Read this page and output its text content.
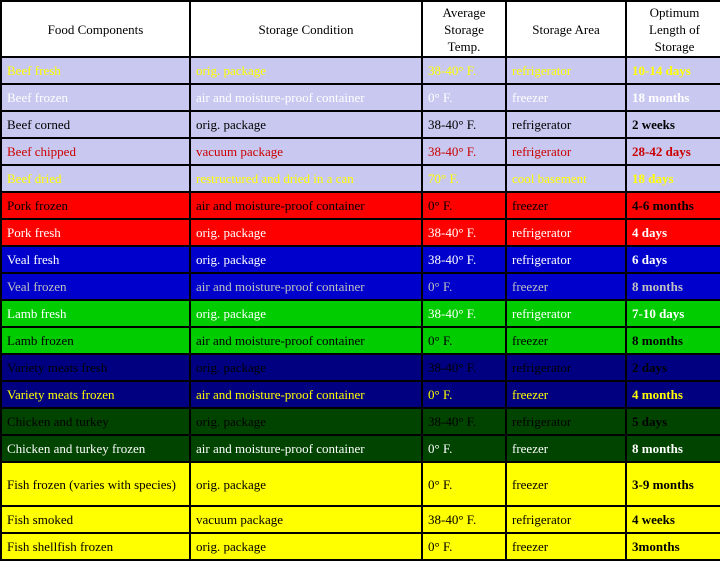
Food Components	Storage Condition	Average Storage Temp.	Storage Area	Optimum Length of Storage
Beef fresh	orig. package	38-40° F.	refrigerator	10-14 days
Beef frozen	air and moisture-proof container	0° F.	freezer	18 months
Beef corned	orig. package	38-40° F.	refrigerator	2 weeks
Beef chipped	vacuum package	38-40° F.	refrigerator	28-42 days
Beef dried	restructured and dried in a can	70° F.	cool basement	18 days
Pork frozen	air and moisture-proof container	0° F.	freezer	4-6 months
Pork fresh	orig. package	38-40° F.	refrigerator	4 days
Veal fresh	orig. package	38-40° F.	refrigerator	6 days
Veal frozen	air and moisture-proof container	0° F.	freezer	8 months
Lamb fresh	orig. package	38-40° F.	refrigerator	7-10 days
Lamb frozen	air and moisture-proof container	0° F.	freezer	8 months
Variety meats fresh	orig. package	38-40° F.	refrigerator	2 days
Variety meats frozen	air and moisture-proof container	0° F.	freezer	4 months
Chicken and turkey	orig. package	38-40° F.	refrigerator	5 days
Chicken and turkey frozen	air and moisture-proof container	0° F.	freezer	8 months
Fish frozen (varies with species)	orig. package	0° F.	freezer	3-9 months
Fish smoked	vacuum package	38-40° F.	refrigerator	4 weeks
Fish shellfish frozen	orig. package	0° F.	freezer	3months
